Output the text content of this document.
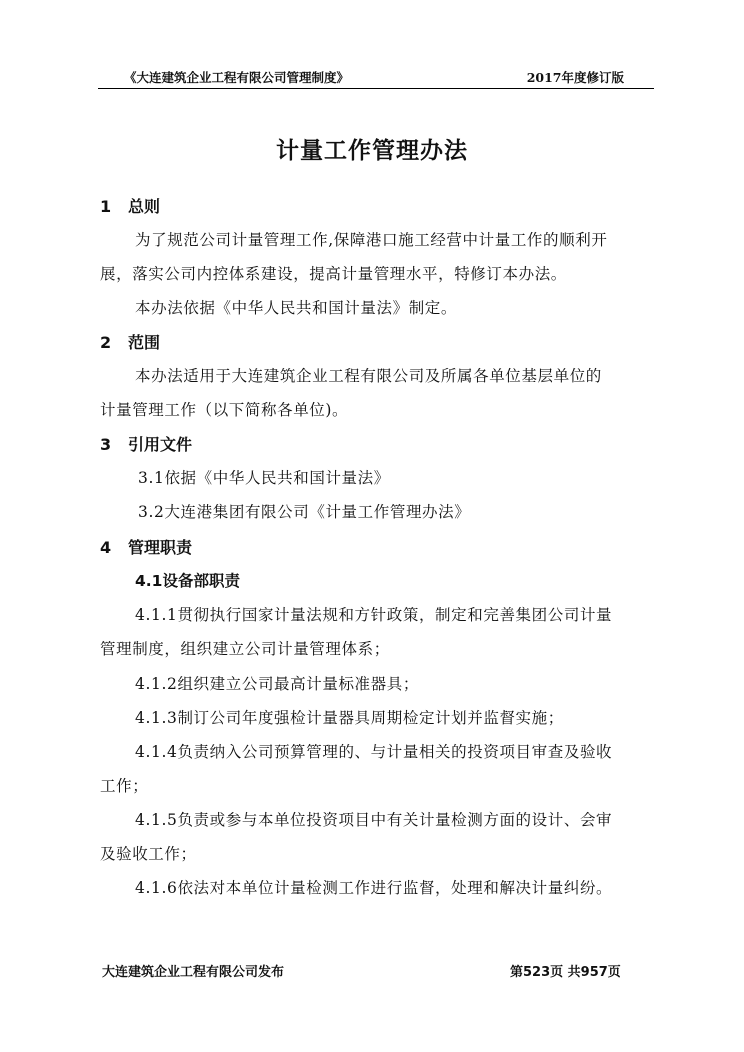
《大连建筑企业工程有限公司管理制度》	2017年度修订版
计量工作管理办法
1 总则
为了规范公司计量管理工作,保障港口施工经营中计量工作的顺利开
展，落实公司内控体系建设，提高计量管理水平，特修订本办法。
本办法依据《中华人民共和国计量法》制定。
2 范围
本办法适用于大连建筑企业工程有限公司及所属各单位基层单位的
计量管理工作（以下简称各单位)。
3 引用文件
3.1依据《中华人民共和国计量法》
3.2大连港集团有限公司《计量工作管理办法》
4 管理职责
4.1设备部职责
4.1.1贯彻执行国家计量法规和方针政策，制定和完善集团公司计量
管理制度，组织建立公司计量管理体系；
4.1.2组织建立公司最高计量标准器具；
4.1.3制订公司年度强检计量器具周期检定计划并监督实施；
4.1.4负责纳入公司预算管理的、与计量相关的投资项目审查及验收
工作；
4.1.5负责或参与本单位投资项目中有关计量检测方面的设计、会审
及验收工作；
4.1.6依法对本单位计量检测工作进行监督，处理和解决计量纠纷。
大连建筑企业工程有限公司发布	第523页 共957页
